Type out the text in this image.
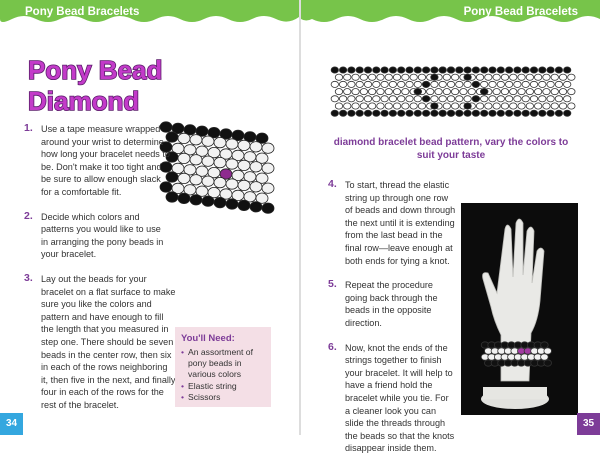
Pony Bead Bracelets
Pony Bead
Diamond
1. Use a tape measure wrapped around your wrist to determine how long your bracelet needs to be. Don't make it too tight and be sure to allow enough slack for a comfortable fit.
2. Decide which colors and patterns you would like to use in arranging the pony beads in your bracelet.
3. Lay out the beads for your bracelet on a flat surface to make sure you like the colors and pattern and have enough to fill the length that you measured in step one. There should be seven beads in the center row, then six in each of the rows neighboring it, then five in the next, and finally four in each of the rows for the rest of the bracelet.
You'll Need:
• An assortment of pony beads in various colors
• Elastic string
• Scissors
34
Pony Bead Bracelets
diamond bracelet bead pattern, vary the colors to suit your taste
4. To start, thread the elastic string up through one row of beads and down through the next until it is extending from the last bead in the final row—leave enough at both ends for tying a knot.
5. Repeat the procedure going back through the beads in the opposite direction.
6. Now, knot the ends of the strings together to finish your bracelet. It will help to have a friend hold the bracelet while you tie. For a cleaner look you can slide the threads through the beads so that the knots disappear inside them.
35
